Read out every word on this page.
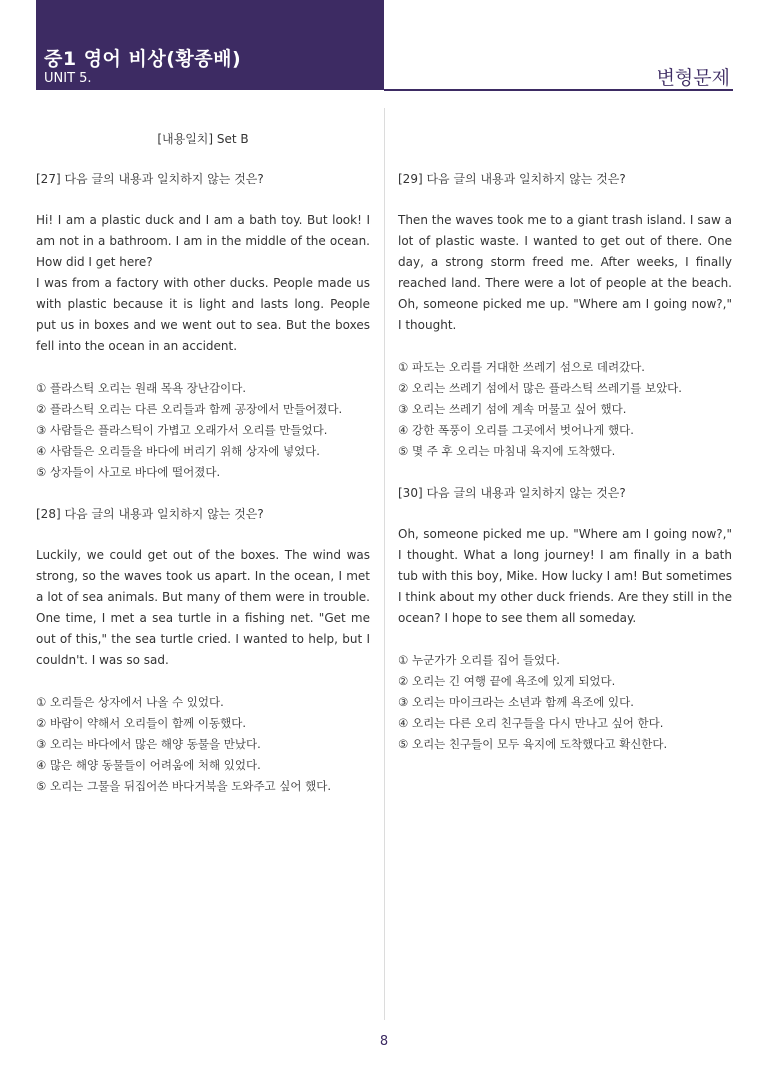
중1 영어 비상(황종배)
UNIT 5.	변형문제

[내용일치] Set B

[27] 다음 글의 내용과 일치하지 않는 것은?

Hi! I am a plastic duck and I am a bath toy. But look! I am not in a bathroom. I am in the middle of the ocean. How did I get here?

I was from a factory with other ducks. People made us with plastic because it is light and lasts long. People put us in boxes and we went out to sea. But the boxes fell into the ocean in an accident.

① 플라스틱 오리는 원래 목욕 장난감이다.
② 플라스틱 오리는 다른 오리들과 함께 공장에서 만들어졌다.
③ 사람들은 플라스틱이 가볍고 오래가서 오리를 만들었다.
④ 사람들은 오리들을 바다에 버리기 위해 상자에 넣었다.
⑤ 상자들이 사고로 바다에 떨어졌다.

[28] 다음 글의 내용과 일치하지 않는 것은?

Luckily, we could get out of the boxes. The wind was strong, so the waves took us apart. In the ocean, I met a lot of sea animals. But many of them were in trouble. One time, I met a sea turtle in a fishing net. "Get me out of this," the sea turtle cried. I wanted to help, but I couldn't. I was so sad.

① 오리들은 상자에서 나올 수 있었다.
② 바람이 약해서 오리들이 함께 이동했다.
③ 오리는 바다에서 많은 해양 동물을 만났다.
④ 많은 해양 동물들이 어려움에 처해 있었다.
⑤ 오리는 그물을 뒤집어쓴 바다거북을 도와주고 싶어 했다.

[29] 다음 글의 내용과 일치하지 않는 것은?

Then the waves took me to a giant trash island. I saw a lot of plastic waste. I wanted to get out of there. One day, a strong storm freed me. After weeks, I finally reached land. There were a lot of people at the beach. Oh, someone picked me up. "Where am I going now?," I thought.

① 파도는 오리를 거대한 쓰레기 섬으로 데려갔다.
② 오리는 쓰레기 섬에서 많은 플라스틱 쓰레기를 보았다.
③ 오리는 쓰레기 섬에 계속 머물고 싶어 했다.
④ 강한 폭풍이 오리를 그곳에서 벗어나게 했다.
⑤ 몇 주 후 오리는 마침내 육지에 도착했다.

[30] 다음 글의 내용과 일치하지 않는 것은?

Oh, someone picked me up. "Where am I going now?," I thought. What a long journey! I am finally in a bath tub with this boy, Mike. How lucky I am! But sometimes I think about my other duck friends. Are they still in the ocean? I hope to see them all someday.

① 누군가가 오리를 집어 들었다.
② 오리는 긴 여행 끝에 욕조에 있게 되었다.
③ 오리는 마이크라는 소년과 함께 욕조에 있다.
④ 오리는 다른 오리 친구들을 다시 만나고 싶어 한다.
⑤ 오리는 친구들이 모두 육지에 도착했다고 확신한다.
8
